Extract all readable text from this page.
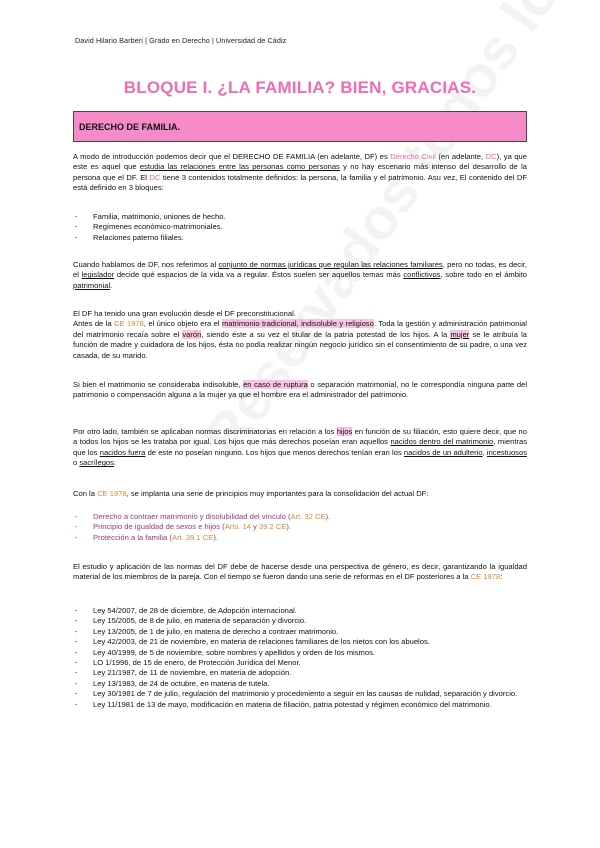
David Hilario Barberi | Grado en Derecho | Universidad de Cádiz
BLOQUE I. ¿LA FAMILIA? BIEN, GRACIAS.
DERECHO DE FAMILIA.

A modo de introducción podemos decir que el DERECHO DE FAMILIA (en adelante, DF) es Derecho Civil (en adelante, DC), ya que este es aquel que estudia las relaciones entre las personas como personas y no hay escenario más intenso del desarrollo de la persona que el DF. El DC tiene 3 contenidos totalmente definidos: la persona, la familia y el patrimonio. Asu vez, El contenido del DF está definido en 3 bloques:

- Familia, matrimonio, uniones de hecho.
- Regímenes económico-matrimoniales.
- Relaciones paterno filiales.

Cuando hablamos de DF, nos referimos al conjunto de normas jurídicas que regulan las relaciones familiares, pero no todas, es decir, el legislador decide qué espacios de la vida va a regular. Éstos suelen ser aquellos temas más conflictivos, sobre todo en el ámbito patrimonial.

El DF ha tenido una gran evolución desde el DF preconstitucional.

Antes de la CE 1978, el único objeto era el matrimonio tradicional, indisoluble y religioso. Toda la gestión y administración patrimonial del matrimonio recaía sobre el varón, siendo éste a su vez el titular de la patria potestad de los hijos. A la mujer se le atribuía la función de madre y cuidadora de los hijos, ésta no podía realizar ningún negocio jurídico sin el consentimiento de su padre, o una vez casada, de su marido.

Si bien el matrimonio se consideraba indisoluble, en caso de ruptura o separación matrimonial, no le correspondía ninguna parte del patrimonio o compensación alguna a la mujer ya que el hombre era el administrador del patrimonio.

Por otro lado, también se aplicaban normas discriminatorias en relación a los hijos en función de su filiación, esto quiere decir, que no a todos los hijos se les trataba por igual. Los hijos que más derechos poseían eran aquellos nacidos dentro del matrimonio, mientras que los nacidos fuera de este no poseían ninguno. Los hijos que menos derechos tenían eran los nacidos de un adulterio, incestuosos o sacrílegos.

Con la CE 1978, se implanta una serie de principios muy importantes para la consolidación del actual DF:

- Derecho a contraer matrimonio y disolubilidad del vínculo (Art. 32 CE).
- Principio de igualdad de sexos e hijos (Arts. 14 y 39.2 CE).
- Protección a la familia (Art. 39.1 CE).

El estudio y aplicación de las normas del DF debe de hacerse desde una perspectiva de género, es decir, garantizando la igualdad material de los miembros de la pareja. Con el tiempo se fueron dando una serie de reformas en el DF posteriores a la CE 1978:

- Ley 54/2007, de 28 de diciembre, de Adopción internacional.
- Ley 15/2005, de 8 de julio, en materia de separación y divorcio.
- Ley 13/2005, de 1 de julio, en materia de derecho a contraer matrimonio.
- Ley 42/2003, de 21 de noviembre, en materia de relaciones familiares de los nietos con los abuelos.
- Ley 40/1999, de 5 de noviembre, sobre nombres y apellidos y orden de los mismos.
- LO 1/1996, de 15 de enero, de Protección Jurídica del Menor.
- Ley 21/1987, de 11 de noviembre, en materia de adopción.
- Ley 13/1983, de 24 de octubre, en materia de tutela.
- Ley 30/1981 de 7 de julio, regulación del matrimonio y procedimiento a seguir en las causas de nulidad, separación y divorcio.
- Ley 11/1981 de 13 de mayo, modificación en materia de filiación, patria potestad y régimen económico del matrimonio.
